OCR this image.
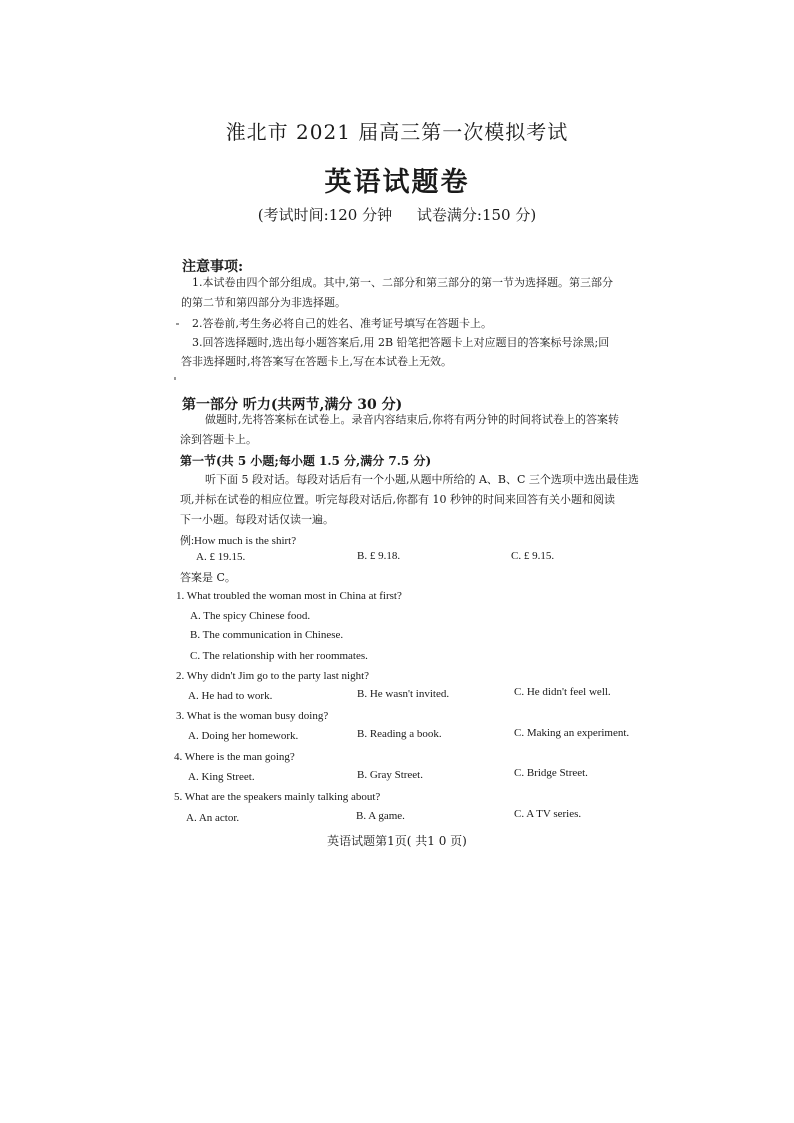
淮北市 2021 届高三第一次模拟考试
英语试题卷
(考试时间:120 分钟 试卷满分:150 分)
注意事项:
1.本试卷由四个部分组成。其中,第一、二部分和第三部分的第一节为选择题。第三部分
的第二节和第四部分为非选择题。
2.答卷前,考生务必将自己的姓名、准考证号填写在答题卡上。
3.回答选择题时,选出每小题答案后,用 2B 铅笔把答题卡上对应题目的答案标号涂黑;回
答非选择题时,将答案写在答题卡上,写在本试卷上无效。
第一部分 听力(共两节,满分 30 分)
做题时,先将答案标在试卷上。录音内容结束后,你将有两分钟的时间将试卷上的答案转
涂到答题卡上。
第一节(共 5 小题;每小题 1.5 分,满分 7.5 分)
听下面 5 段对话。每段对话后有一个小题,从题中所给的 A、B、C 三个选项中选出最佳选
项,并标在试卷的相应位置。听完每段对话后,你都有 10 秒钟的时间来回答有关小题和阅读
下一小题。每段对话仅读一遍。
例:How much is the shirt?
A. £ 19.15.	B. £ 9.18.	C. £ 9.15.
答案是 C。
1. What troubled the woman most in China at first?
A. The spicy Chinese food.
B. The communication in Chinese.
C. The relationship with her roommates.
2. Why didn't Jim go to the party last night?
A. He had to work.	B. He wasn't invited.	C. He didn't feel well.
3. What is the woman busy doing?
A. Doing her homework.	B. Reading a book.	C. Making an experiment.
4. Where is the man going?
A. King Street.	B. Gray Street.	C. Bridge Street.
5. What are the speakers mainly talking about?
A. An actor.	B. A game.	C. A TV series.
英语试题第1页( 共1 0 页)
